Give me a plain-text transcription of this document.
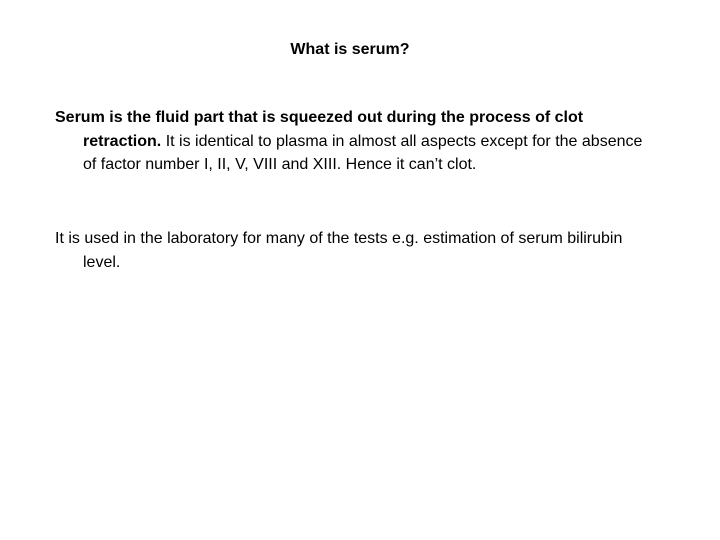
What is serum?
Serum is the fluid part that is squeezed out during the process of clot retraction. It is identical to plasma in almost all aspects except for the absence of factor number I, II, V, VIII and XIII. Hence it can’t clot.
It is used in the laboratory for many of the tests e.g. estimation of serum bilirubin level.
